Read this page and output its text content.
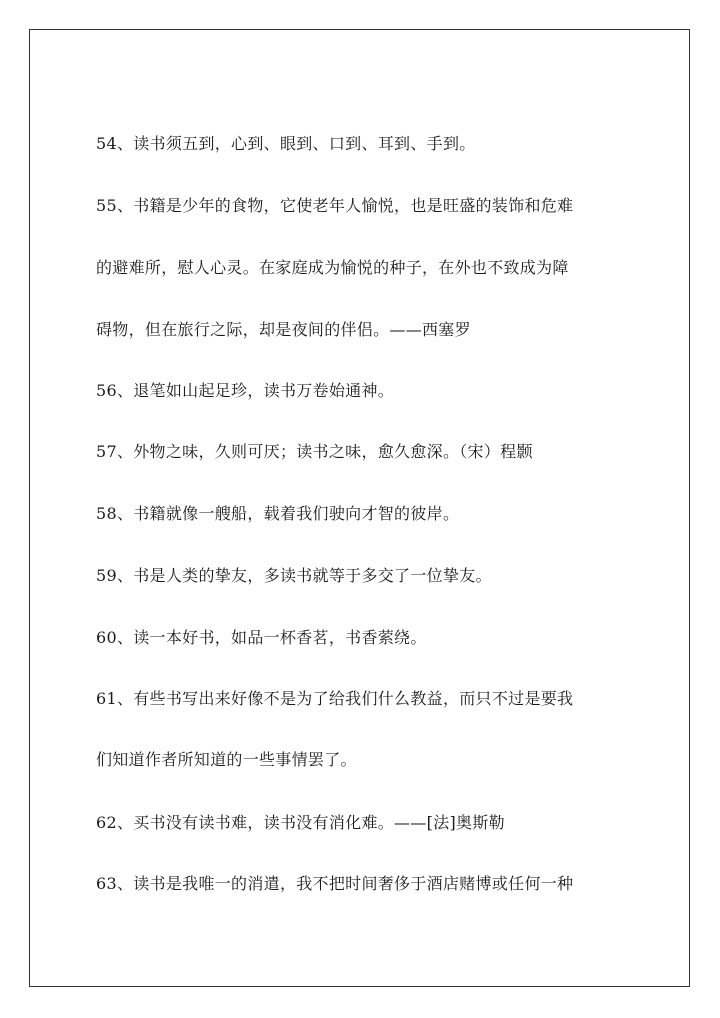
54、读书须五到，心到、眼到、口到、耳到、手到。
55、书籍是少年的食物，它使老年人愉悦，也是旺盛的装饰和危难
的避难所，慰人心灵。在家庭成为愉悦的种子，在外也不致成为障
碍物，但在旅行之际，却是夜间的伴侣。——西塞罗
56、退笔如山起足珍，读书万卷始通神。
57、外物之味，久则可厌；读书之味，愈久愈深。（宋）程颢
58、书籍就像一艘船，载着我们驶向才智的彼岸。
59、书是人类的挚友，多读书就等于多交了一位挚友。
60、读一本好书，如品一杯香茗，书香萦绕。
61、有些书写出来好像不是为了给我们什么教益，而只不过是要我
们知道作者所知道的一些事情罢了。
62、买书没有读书难，读书没有消化难。——[法]奥斯勒
63、读书是我唯一的消遣，我不把时间奢侈于酒店赌博或任何一种
